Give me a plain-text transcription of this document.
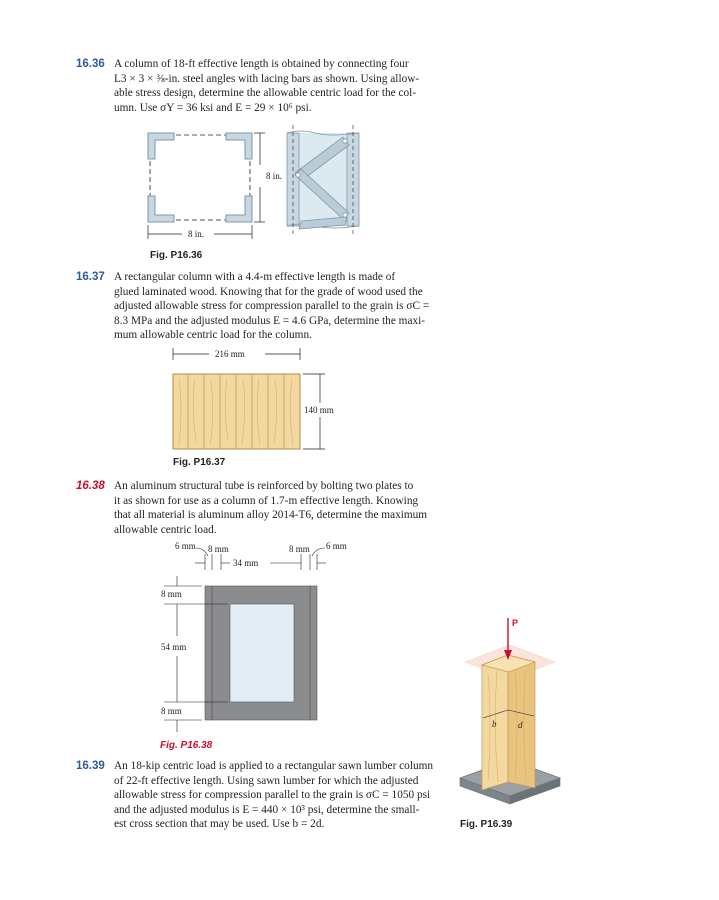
16.36 A column of 18-ft effective length is obtained by connecting four
L3 × 3 × ⅜-in. steel angles with lacing bars as shown. Using allow-
able stress design, determine the allowable centric load for the col-
umn. Use σY = 36 ksi and E = 29 × 10⁶ psi.
8 in.
8 in.
Fig. P16.36
16.37 A rectangular column with a 4.4-m effective length is made of
glued laminated wood. Knowing that for the grade of wood used the
adjusted allowable stress for compression parallel to the grain is σC =
8.3 MPa and the adjusted modulus E = 4.6 GPa, determine the maxi-
mum allowable centric load for the column.
216 mm
140 mm
Fig. P16.37
16.38 An aluminum structural tube is reinforced by bolting two plates to
it as shown for use as a column of 1.7-m effective length. Knowing
that all material is aluminum alloy 2014-T6, determine the maximum
allowable centric load.
6 mm 8 mm
34 mm
8 mm 6 mm
8 mm
54 mm
8 mm
Fig. P16.38
16.39 An 18-kip centric load is applied to a rectangular sawn lumber column
of 22-ft effective length. Using sawn lumber for which the adjusted
allowable stress for compression parallel to the grain is σC = 1050 psi
and the adjusted modulus is E = 440 × 10³ psi, determine the small-
est cross section that may be used. Use b = 2d.
b d
P
Fig. P16.39
